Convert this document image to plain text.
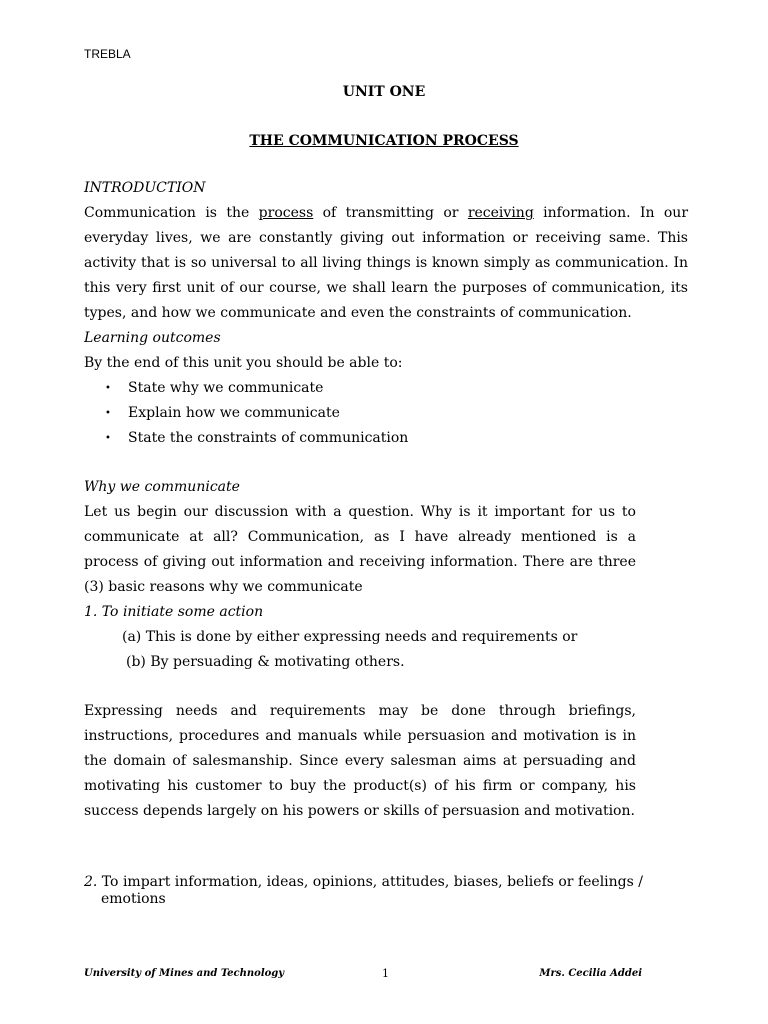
TREBLA
UNIT ONE
THE COMMUNICATION PROCESS
INTRODUCTION
Communication is the process of transmitting or receiving information. In our everyday lives, we are constantly giving out information or receiving same. This activity that is so universal to all living things is known simply as communication. In this very first unit of our course, we shall learn the purposes of communication, its types, and how we communicate and even the constraints of communication.
Learning outcomes
By the end of this unit you should be able to:
• State why we communicate
• Explain how we communicate
• State the constraints of communication
Why we communicate
Let us begin our discussion with a question. Why is it important for us to communicate at all? Communication, as I have already mentioned is a process of giving out information and receiving information. There are three (3) basic reasons why we communicate
1. To initiate some action
(a) This is done by either expressing needs and requirements or
(b) By persuading & motivating others.
Expressing needs and requirements may be done through briefings, instructions, procedures and manuals while persuasion and motivation is in the domain of salesmanship. Since every salesman aims at persuading and motivating his customer to buy the product(s) of his firm or company, his success depends largely on his powers or skills of persuasion and motivation.
2. To impart information, ideas, opinions, attitudes, biases, beliefs or feelings / emotions
University of Mines and Technology	1	Mrs. Cecilia Addei
